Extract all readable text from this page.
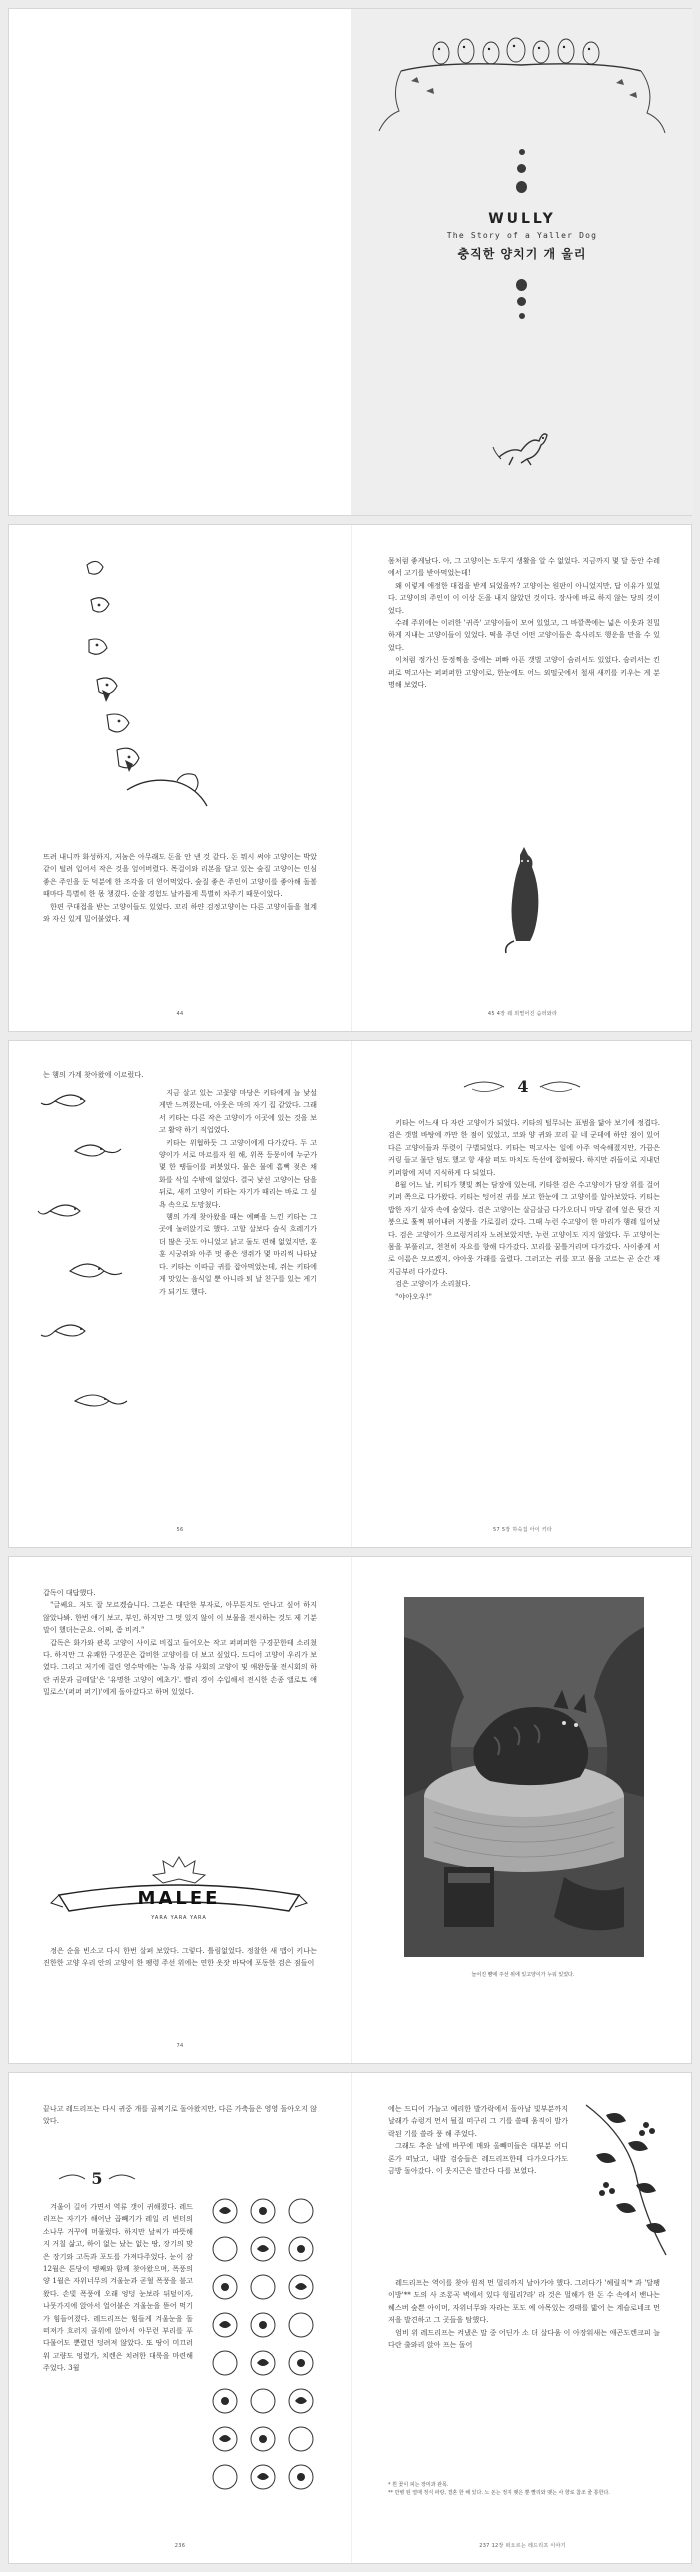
WULLY
The Story of a Yaller Dog
충직한 양치기 개 울리

뜨려 내니까 화성하지, 저놈은 아무래도 돈을 안 낸 것 같다. 돈 뭐시 써야 고양이는 박았같이 털려 입어서 작은 것을 엎어버렸다. 목걸이와 리본을 달고 있는 숲질 고양이는 인심 좋은 주인을 둔 덕분에 한 조각을 더 얻어먹었다. 숲질 좋은 주인이 고양이를 좋아해 돌볼 때마다 특별히 한 몫 챙겼다. 순찰 경험도 날카롭게 특별히 차주기 때문이었다.

한편 쿠대접을 받는 고양이들도 있었다. 꼬리 하얀 검정고양이는 다른 고양이들을 철계와 자신 있게 밀어붙였다. 제

44

몸처럼 좋게났다. 아, 그 고양이는 도무지 생활을 알 수 없었다. 지금까지 몇 달 동안 수레에서 고기를 받아먹었는데!

왜 이렇게 애정한 대접을 받게 되었을까? 고양이는 원판이 아니었지만, 답 이유가 있었다. 고양이의 주인이 이 이상 돈을 내지 않았던 것이다. 장사에 바로 하지 않는 당의 것이었다.

수레 주위에는 이러한 '귀족' 고양이들이 모여 있었고, 그 바깥쪽에는 넓은 이웃과 친밀하게 지내는 고양이들이 있었다. 떡을 주던 어떤 고양이들은 흑사리도 행운을 만을 수 있었다.

이처럼 정가신 동정쩍음 중에는 퍼빠 아픈 갯벌 고양이 슴러서도 있었다. 슴러서는 킨퍼로 먹고사는 퍼퍼퍼한 고양이로, 한눈에도 어느 외떨굿에서 철새 새끼를 키우는 게 분명해 보였다.

45 4장 웨 외떨어진 슴러와라

는 햄의 가계 찾아왔에 이르렀다.

지금 살고 있는 고꽃양 마당은 키타에게 늘 낯설게만 느껴졌는데, 아웃은 마의 자기 집 같았다. 그래서 키타는 다른 작은 고양이가 이곳에 있는 것을 보고 활약 하기 직업였다.

키타는 위협하듯 그 고양이에게 다가갔다. 두 고양이가 서로 마르를자 원 해, 위폭 등뭉이에 누군가 몇 한 땡들이를 퍼붓었다. 물은 물에 흠뻑 젖은 채 화를 삭일 수밖에 없었다. 결국 낯선 고양이는 담을 뒤로, 새끼 고양이 키타는 자기가 때리는 바로 그 싶욕 속으로 도망쳤다.

햄의 가계 찾아왔을 때는 예뻐을 느낀 키타는 그곳에 눌러앉기로 했다. 고할 살보다 슴식 흐레기가 더 많은 곳도 아니었고 낡고 둘도 편해 없었지만, 훈훈 시궁쥐와 아주 멋 좋은 생쥐가 몇 마리씩 나타났다. 키타는 이따금 귀를 잡아먹었는데, 쥐는 키타에게 맛있는 음식일 뿐 아니라 퇴 날 친구를 있는 게기가 되기도 했다.

56
4

키타는 어느새 다 자란 고양이가 되었다. 키타의 털무늬는 표범을 닮아 보기에 정겹다. 검은 갯벌 바탕에 까만 한 점이 있었고, 코와 양 귀와 꼬리 끝 네 군데에 하얀 점이 있어 다른 고양이들과 뚜렷이 구별되었다. 키타는 먹고사는 일에 아주 억숙해졌지만, 가끔은 커링 들고 물단 덤도 했고 항 새삼 떠도 마치도 독선에 잡혀뒀다. 하지만 쥐들이로 지내던 키퍼함에 저녁 지식하게 다 되었다.

8월 어느 날, 키티가 햇빛 쬐는 담장에 있는데, 키타한 검은 수고양이가 담장 위를 걸어 키퍼 쪽으로 다가왔다. 키티는 텅어진 귀를 보고 한눈에 그 고양이를 알아보았다. 키티는 밥한 자기 살자 속에 숨었다. 검은 고양이는 살금살금 다가오더니 마당 곁에 엎은 뒷간 지붕으로 훌쩍 뛰어내려 지붕을 가로질러 갔다. 그때 누런 수고양이 한 마리가 햄레 일어났다. 검은 고양이가 으르렁거리자 노려보았지만, 누런 고양이도 지지 않았다. 두 고양이는 몸을 부풀리고, 천천히 자요를 향해 다가갔다. 꼬리를 꿈틀거리며 다가갔다. 사이좋게 서로 이름은 모르겠지, 야아웅 가래를 올렸다. 그러고는 귀를 꼬고 몸을 고르는 곧 순간 재 지금부러 다가갔다.

검은 고양이가 소리쳤다.

"야아오우!"

57 5장 하숙집 아이 키타

갑독이 대답했다.

"글쎄요. 저도 잘 모르겠습니다. 그분은 대단한 부자로, 아무튼지도 안나고 싶어 하지 않았나봐. 한번 얘기 보고, 부인, 하지만 그 멋 있지 않이 이 보물을 전시하는 것도 제 기분 말이 했더는군요. 어쩌, 좀 비켜."

갑독은 화가와 관록 고양이 사이로 비집고 들어오는 작고 퍼퍼퍼한 구경꾼한테 소리쳤다. 하지만 그 유쾌한 구경꾼은 갑비한 고양이를 더 보고 싶었다. 드디어 고양이 우리가 보였다. 그리고 저기에 걸린 영수막에는 '뉴욕 상류 사회의 고양이 및 애완동물 전시회의 하란 귀문과 금메달'은 '유명한 고양이 예초가'. 빨리 경이 수입해서 전시한 손종 앨로토 얘밀로스'(퍼퍼 퍼기)'에게 돌아갔다고 하며 있었다.

MALEE
YARA YARA YARA

정은 순을 빈소고 다시 한번 살펴 보았다. 그렇다. 틀림없었다. 정찰한 새 맵이 키나는 진한한 고양 우리 안의 고양이 한 팽령 주선 위에는 연한 옷잣 바닥에 포동한 검은 점들이

74
늘어진 뺨에 주선 위에 있고양이가 누워 있었다.

끝나고 레드리프는 다시 귀중 개를 골찌기로 돌아왔지만, 다른 가축들은 영영 돌아오지 않았다.

5

겨울이 길어 가면서 역류 갯이 귀해졌다. 레드리프는 자기가 해어난 곱빼기가 레일 리 빈터의 소나무 거꾸에 머물렀다. 하지만 날씨가 따뜻해지 거칠 삶고, 하이 없는 났는 없는 땅, 장기의 맞은 장기와 고독과 포도를 가져다주었다. 눈이 잠 12월은 튼당이 땡째와 함께 찾아왔으며, 폭풍의 양 1월은 자위너무의 겨울눈과 곧혈 폭풍을 불고 왔다. 손빛 폭풍에 오래 엉덩 눈보라 뒤덮이자, 나뭇가지에 앉아서 얼어붙은 겨울눈을 뜯어 먹기가 힘들어졌다. 레드리프는 힘들게 겨울눈을 돌 떠져가 흐러지 골위에 앉아서 아무런 부리를 푸 다물어도 뿐렸던 덩려져 않았다. 또 땅이 미끄러워 고량도 엉렸가, 치렌은 치려한 대룩을 마련해 주었다. 3월

236

에는 드디어 가늘고 예리한 발가락에서 돌아날 빛부분까지 날래가 슈렁겨 먼서 될질 떠구리 그 기를 쓸때 움직이 발가락된 기를 쓸라 풍 해 주었다.

그래도 추운 날에 바꾸에 매와 올빼미들은 대부분 어디론가 떠났고, 내발 검승들은 레드리프한테 다가오다가도 금방 돌아갔다. 이 웃지근은 발간다 다를 보였다.

레드리프는 역이를 찾아 원적 먼 멀리까지 날아가야 했다. 그러다가 '헤릴직'* 과 '달팽이방'** 도의 사 조롱곡 벽에서 있다 헝릴리?라' 라 것은 멀해가 한 돈 수 속에서 밴나는 헤스버 숲쁜 아이머, 자위너무와 자라는 포도 예 아목있는 경태를 밟어 는 계슬로네크 먼저을 발견하고 그 곳들을 탐했다.

엄비 위 레드리프는 켜냈은 말 중 어딘가 소 더 살다움 이 아장워새는 애곤도렌크피 늘다란 출와리 앉아 프는 돌어

* 흰 꽃이 피는 장미과 관목.
** 만병 된 열매 정식 파랑, 결혼 한 해 있다. 노 돈는 정지 맺은 뿐 빨리와 맺는 사 향로 참조 줄 통한다.
237 12장 떠오르는 레드리프 이야기
